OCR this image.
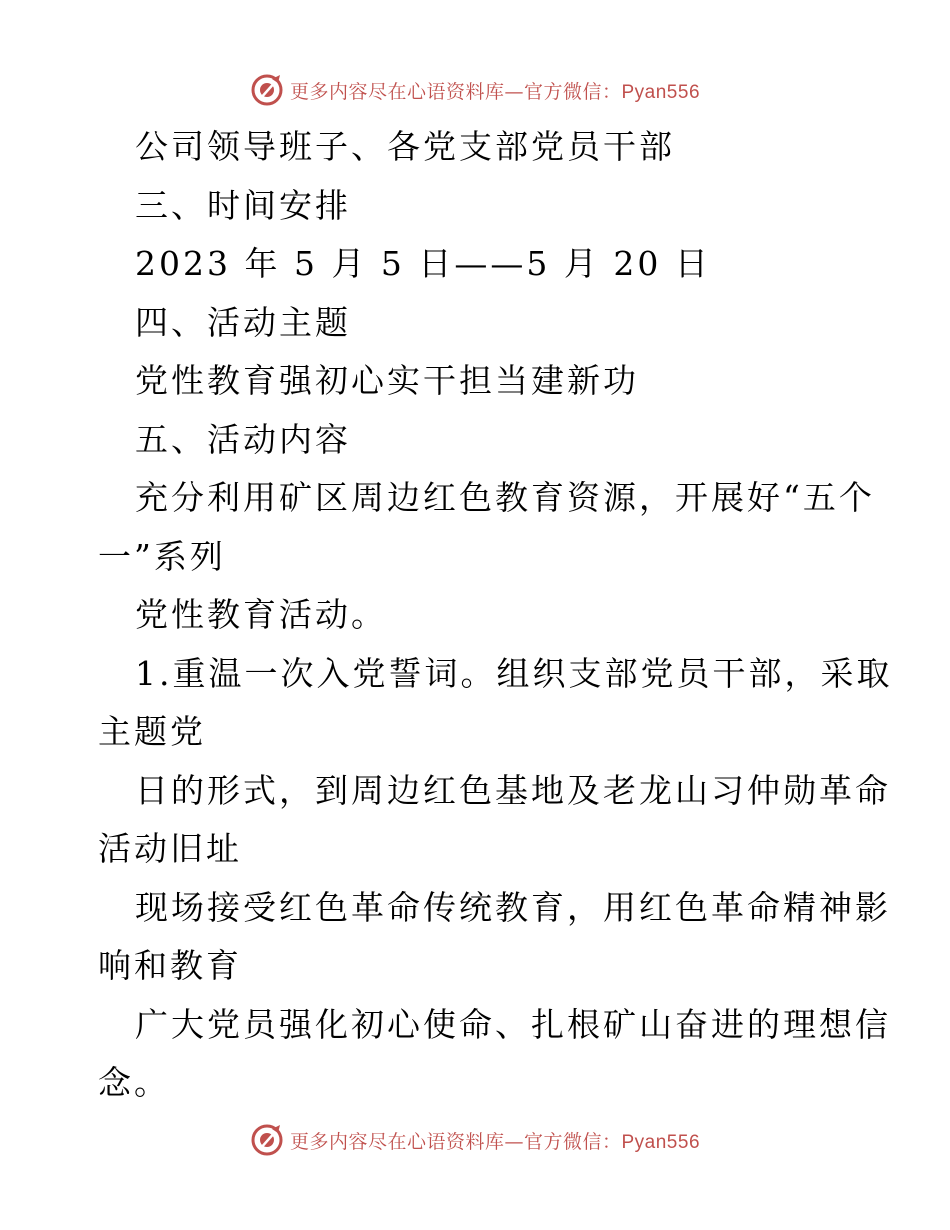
更多内容尽在心语资料库—官方微信：Pyan556
公司领导班子、各党支部党员干部
三、时间安排
2023 年 5 月 5 日——5 月 20 日
四、活动主题
党性教育强初心实干担当建新功
五、活动内容
充分利用矿区周边红色教育资源，开展好“五个
一”系列
党性教育活动。
1.重温一次入党誓词。组织支部党员干部，采取
主题党
日的形式，到周边红色基地及老龙山习仲勋革命
活动旧址
现场接受红色革命传统教育，用红色革命精神影
响和教育
广大党员强化初心使命、扎根矿山奋进的理想信
念。
更多内容尽在心语资料库—官方微信：Pyan556
